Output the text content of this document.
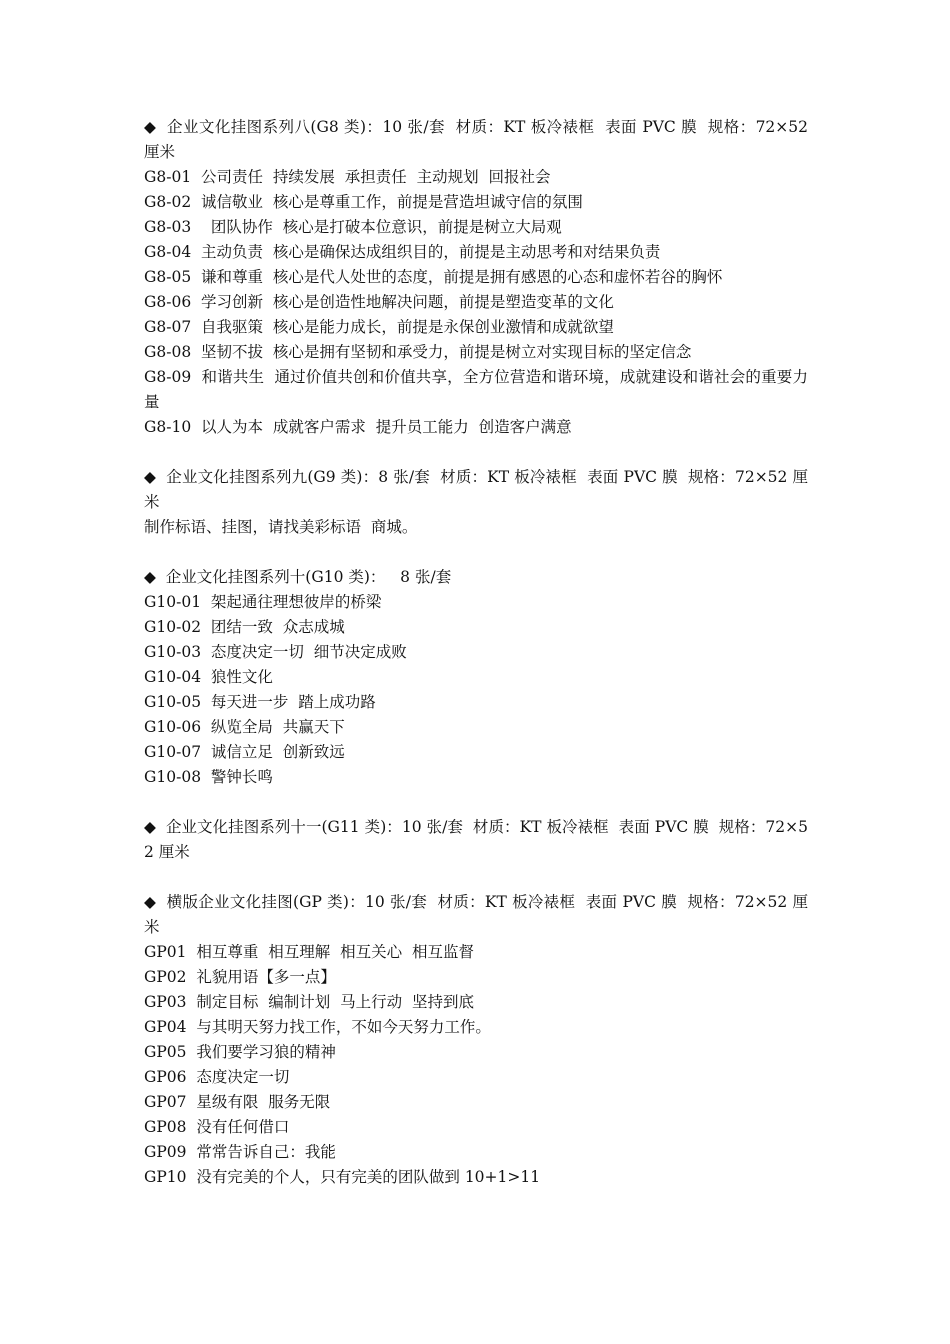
◆  企业文化挂图系列八(G8 类)：10 张/套  材质：KT 板冷裱框  表面 PVC 膜  规格：72×52 厘米
G8-01  公司责任  持续发展  承担责任  主动规划  回报社会
G8-02  诚信敬业  核心是尊重工作，前提是营造坦诚守信的氛围
G8-03    团队协作  核心是打破本位意识，前提是树立大局观
G8-04  主动负责  核心是确保达成组织目的，前提是主动思考和对结果负责
G8-05  谦和尊重  核心是代人处世的态度，前提是拥有感恩的心态和虚怀若谷的胸怀
G8-06  学习创新  核心是创造性地解决问题，前提是塑造变革的文化
G8-07  自我驱策  核心是能力成长，前提是永保创业激情和成就欲望
G8-08  坚韧不拔  核心是拥有坚韧和承受力，前提是树立对实现目标的坚定信念
G8-09  和谐共生  通过价值共创和价值共享，全方位营造和谐环境，成就建设和谐社会的重要力量
G8-10  以人为本  成就客户需求  提升员工能力  创造客户满意
◆  企业文化挂图系列九(G9 类)：8 张/套  材质：KT 板冷裱框  表面 PVC 膜  规格：72×52 厘米
制作标语、挂图，请找美彩标语  商城。
◆  企业文化挂图系列十(G10 类)：   8 张/套
G10-01  架起通往理想彼岸的桥梁
G10-02  团结一致  众志成城
G10-03  态度决定一切  细节决定成败
G10-04  狼性文化
G10-05  每天进一步  踏上成功路
G10-06  纵览全局  共赢天下
G10-07  诚信立足  创新致远
G10-08  警钟长鸣
◆  企业文化挂图系列十一(G11 类)：10 张/套  材质：KT 板冷裱框  表面 PVC 膜  规格：72×52 厘米
◆  横版企业文化挂图(GP 类)：10 张/套  材质：KT 板冷裱框  表面 PVC 膜  规格：72×52 厘米
GP01  相互尊重  相互理解  相互关心  相互监督
GP02  礼貌用语【多一点】
GP03  制定目标  编制计划  马上行动  坚持到底
GP04  与其明天努力找工作，不如今天努力工作。
GP05  我们要学习狼的精神
GP06  态度决定一切
GP07  星级有限  服务无限
GP08  没有任何借口
GP09  常常告诉自己：我能
GP10  没有完美的个人，只有完美的团队做到 10+1>11
